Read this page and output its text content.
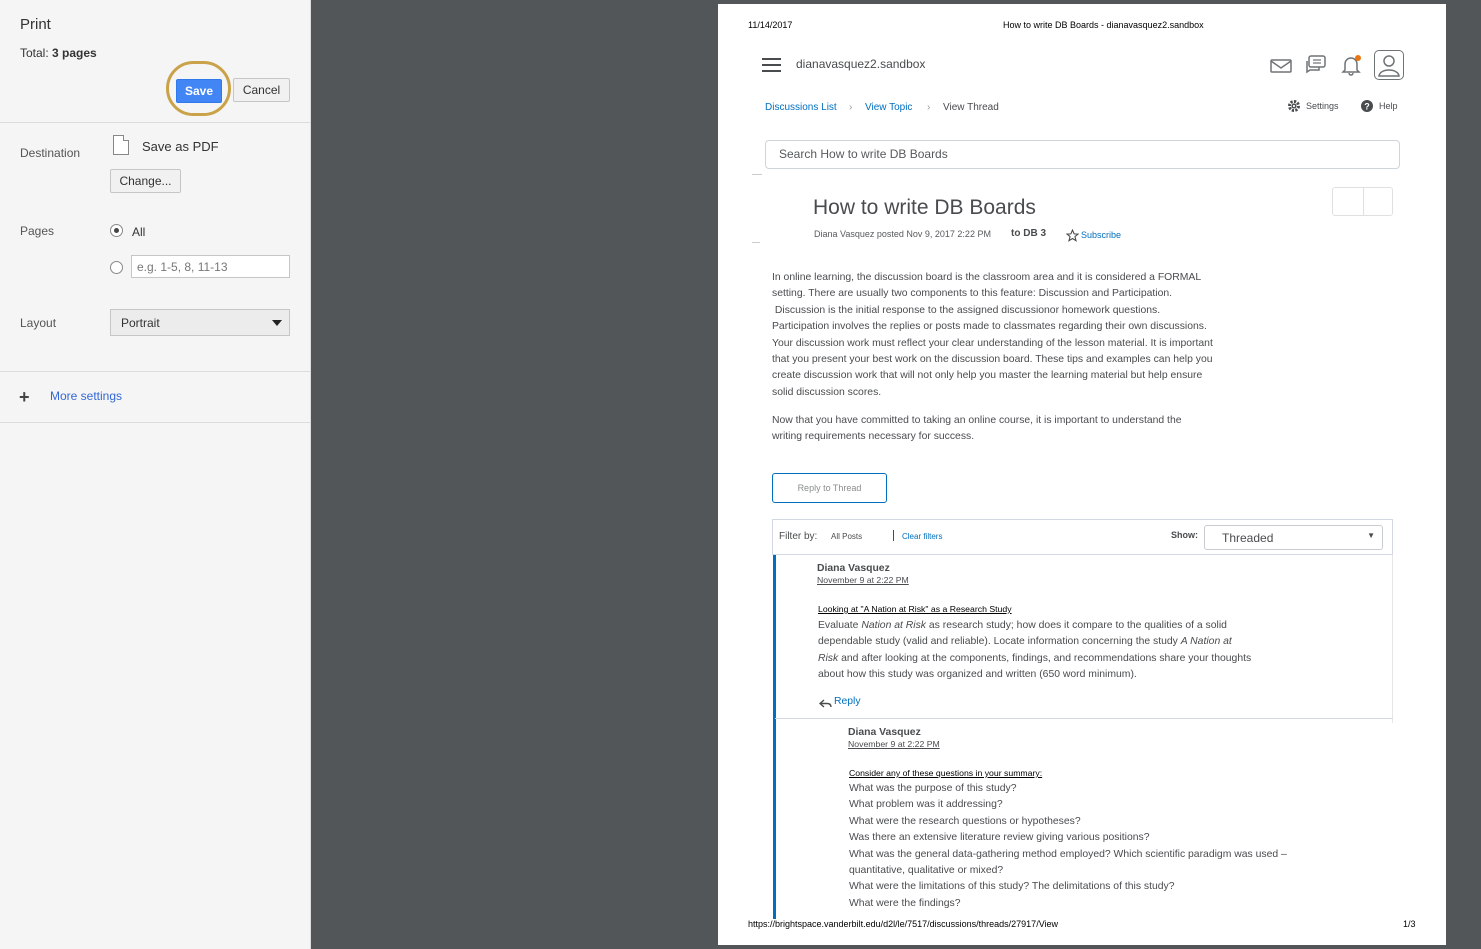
Print
Total: 3 pages
Save	Cancel
Destination	Save as PDF
Change...
Pages	All
e.g. 1-5, 8, 11-13
Layout	Portrait
+ More settings
11/14/2017	How to write DB Boards - dianavasquez2.sandbox
dianavasquez2.sandbox
Discussions List › View Topic › View Thread	Settings	? Help
Search How to write DB Boards
How to write DB Boards
Diana Vasquez posted Nov 9, 2017 2:22 PM to DB 3	Subscribe
In online learning, the discussion board is the classroom area and it is considered a FORMAL
setting. There are usually two components to this feature: Discussion and Participation.
Discussion is the initial response to the assigned discussionor homework questions.
Participation involves the replies or posts made to classmates regarding their own discussions.
Your discussion work must reflect your clear understanding of the lesson material. It is important
that you present your best work on the discussion board. These tips and examples can help you
create discussion work that will not only help you master the learning material but help ensure
solid discussion scores.
Now that you have committed to taking an online course, it is important to understand the
writing requirements necessary for success.
Reply to Thread
Filter by: All Posts	Clear filters	Show:	Threaded	▼
Diana Vasquez
November 9 at 2:22 PM
Looking at "A Nation at Risk" as a Research Study
Evaluate Nation at Risk as research study; how does it compare to the qualities of a solid
dependable study (valid and reliable). Locate information concerning the study A Nation at
Risk and after looking at the components, findings, and recommendations share your thoughts
about how this study was organized and written (650 word minimum).
Reply
Diana Vasquez
November 9 at 2:22 PM
Consider any of these questions in your summary:
What was the purpose of this study?
What problem was it addressing?
What were the research questions or hypotheses?
Was there an extensive literature review giving various positions?
What was the general data-gathering method employed? Which scientific paradigm was used –
quantitative, qualitative or mixed?
What were the limitations of this study? The delimitations of this study?
What were the findings?
https://brightspace.vanderbilt.edu/d2l/le/7517/discussions/threads/27917/View	1/3
